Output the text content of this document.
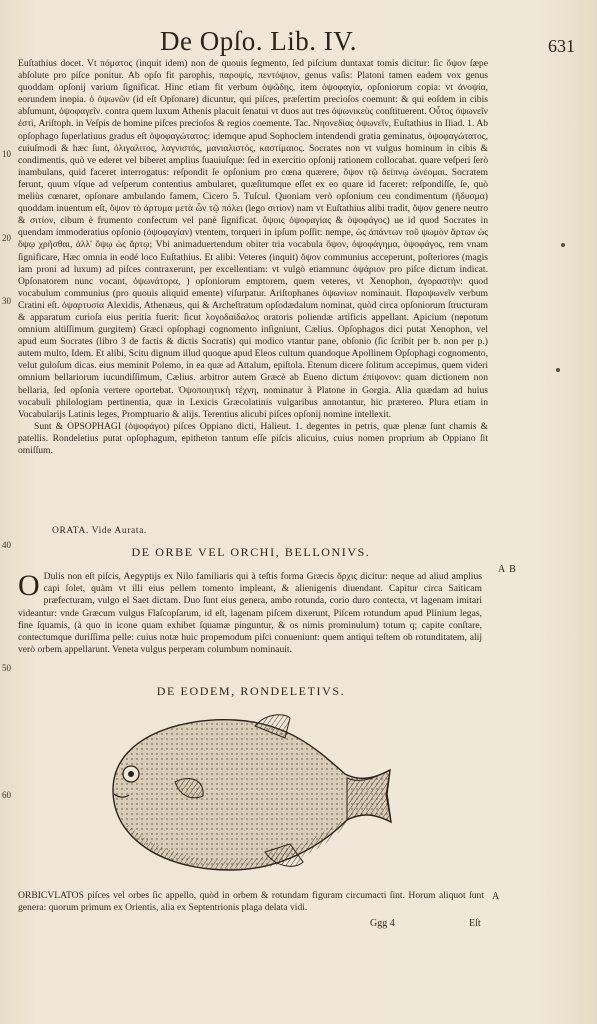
De Opſo. Lib. IV.	631

Euſtathius docet. Vt πόματος (inquit idem) non de quouis ſegmento, ſed piſcium duntaxat tomis dicitur: ſic ὄψον ſæpe abſolute pro piſce ponitur. Ab opſo fit parophis, παροψίς, πεντόψιον, genus vaſis: Platoni tamen eadem vox genus quoddam opſonij varium ſignificat. Hinc etiam fit verbum ὀψῶδης. item ὀψοφαγία, opſoniorum copia: vt ἀνοψία, eorundem inopia. ὁ ὀψωνῶν (id eſt Opſonare) dicuntur, qui piſces, præſertim precioſos coemunt: & qui eoſdem in cibis abſumunt, ὀψοφαγεῖν. contra quem luxum Athenis placuit ſenatui vt duos aut tres ὀψωνικεὺς conſtituerent. Οὗτος ὀψωνεῖν ἐστὶ, Ariſtoph. in Veſpis de homine piſces precioſos & regios coemente. Tac. Νηονεδίας ὀψωνεῖν, Euſtathius in Iliad. 1. Ab opſophago ſuperlatiuus gradus eſt ὀψοφαγώτατος: idemque apud Sophoclem intendendi gratia geminatus, ὀψοφαγώτατος, cuiuſmodi & hæc ſunt, ὀλιγαλιτος, λαγνιστός, μανιαλιστός, καστίμαιος. Socrates non vt vulgus hominum in cibis & condimentis, quò ve ederet vel biberet amplius ſuauiuſque: ſed in exercitio opſonij rationem collocabat. quare veſperi ſerò inambulans, quid faceret interrogatus: reſpondit ſe opſonium pro cœna quærere, ὄψον τῷ δείπνῳ ὠνέομαι. Socratem ferunt, quum vſque ad veſperum contentius ambularet, quæſitumque eſſet ex eo quare id faceret: reſpondiſſe, ſe, quò meliùs cœnaret, opſonare ambulando famem, Cicero 5. Tuſcul. Quoniam verò opſonium ceu condimentum (ἥδυσμα) quoddam inuentum eſt, ὄψον τὸ ἀρτυμα μετὰ ὧν τῷ πόλει (lego σιτίον) nam vt Euſtathius alibi tradit, ὄψον genere neutro & σιτίον, cibum è frumento confectum vel panè ſignificat. ὄψοις ὀψοφαγίας & ὀψοφάγος) ue id quod Socrates in quendam immoderatius opſonio (ὀψοφαγίαν) vtentem, torqueri in ipſum poſſit: nempe, ὡς ἁπάντων τοῦ ψωμὸν ἄρτων ὡς ὄψῳ χρῆσθαι, ἀλλ' ὄψῳ ὡς ἄρτῳ; Vbi animaduertendum obiter tria vocabula ὄψον, ὀψοφάγημα, ὀψοφάγος, rem vnam ſignificare, Hæc omnia in eodé loco Euſtathius. Et alibi: Veteres (inquit) ὄψον communius acceperunt, poſteriores (magis iam proni ad luxum) ad piſces contraxerunt, per excellentiam: vt vulgò etiamnunc ὀψάριον pro piſce dictum indicat. Opſonatorem nunc vocant, ὀψωνάτορα, ) opſoniorum emptorem, quem veteres, vt Xenophon, ἀγοραστὴν: quod vocabulum communius (pro quouis aliquid emente) viſurpatur. Ariſtophanes ὀψωνίων nominauit. Παροψωνεῖν verbum Cratini eſt. ὀψαρτυσία Alexidis, Athenæus, qui & Archeſtratum opſodædalum nominat, quòd circa opſoniorum ſtructuram & apparatum curioſa eius peritia fuerit: ſicut λογοδαίδαλος oratoris poliendæ artificis appellant. Apicium (nepotum omnium altiſſimum gurgitem) Græci opſophagi cognomento inſigniunt, Cælius. Opſophagos dici putat Xenophon, vel apud eum Socrates (libro 3 de factis & dictis Socratis) qui modico vtantur pane, obſonio (ſic ſcribit per b. non per p.) autem multo, Idem. Et alibi, Scitu dignum illud quoque apud Eleos cultum quandoque Apollinem Opſophagi cognomento, velut guloſum dicas. eius meminit Polemo, in ea quæ ad Attalum, epiſtola. Etenum dicere ſolitum accepimus, quem videri omnium bellariorum iucundiſſimum, Cælius. arbitror autem Græcè ab Eueno dictum ἐπίψονον: quam dictionem non bellaria, ſed opſonia vertere oportebat. Ὀψοποιητικὴ τέχνη, nominatur à Platone in Gorgia. Alia quædam ad huius vocabuli philologiam pertinentia, quæ in Lexicis Græcolatinis vulgaribus annotantur, hic prætereo. Plura etiam in Vocabularijs Latinis leges, Promptuario & alijs. Terentius alicubi piſces opſonij nomine intellexit.

Sunt & OPSOPHAGI (ὀψοφάγοι) piſces Oppiano dicti, Halieut. 1. degentes in petris, quæ plenæ ſunt chamis & patellis. Rondeletius putat opſophagum, epitheton tantum eſſe piſcis alicuius, cuius nomen proprium ab Oppiano ſit omiſſum.

10
20
30
40
50
60
ORATA. Vide Aurata.
DE ORBE VEL ORCHI, BELLONIVS.
A B
O Dulis non eſt piſcis, Aegyptijs ex Nilo familiaris qui à teſtis forma Græcis ὄρχις dicitur: neque ad aliud amplius capi ſolet, quàm vt illi eius pellem tomento impleant, & alienigenis diuendant. Capitur circa Saiticam præfecturam, vulgo el Saet dictam. Duo ſunt eius genera, ambo rotunda, corio duro contecta, vt lagenam imitari videantur: vnde Græcum vulgus Flaſcopſarum, id eſt, lagenam piſcem dixerunt, Piſcem rotundum apud Plinium legas, fine ſquamis, (à quo in icone quam exhibet ſquamæ pinguntur, & os nimis prominulum) totum q; capite conſtare, contectumque duriſſima pelle: cuius notæ huic propemodum piſci conueniunt: quem antiqui teſtem ob rotunditatem, alij verò orbem appellarunt. Veneta vulgus perperam columbum nominauit.
DE EODEM, RONDELETIVS.
ORBICVLATOS piſces vel orbes ſic appello, quòd in orbem & rotundam figuram circumacti ſint. Horum aliquot ſunt genera: quorum primum ex Orientis, alia ex Septentrionis plaga delata vidi.
A
Ggg 4	Eſt
